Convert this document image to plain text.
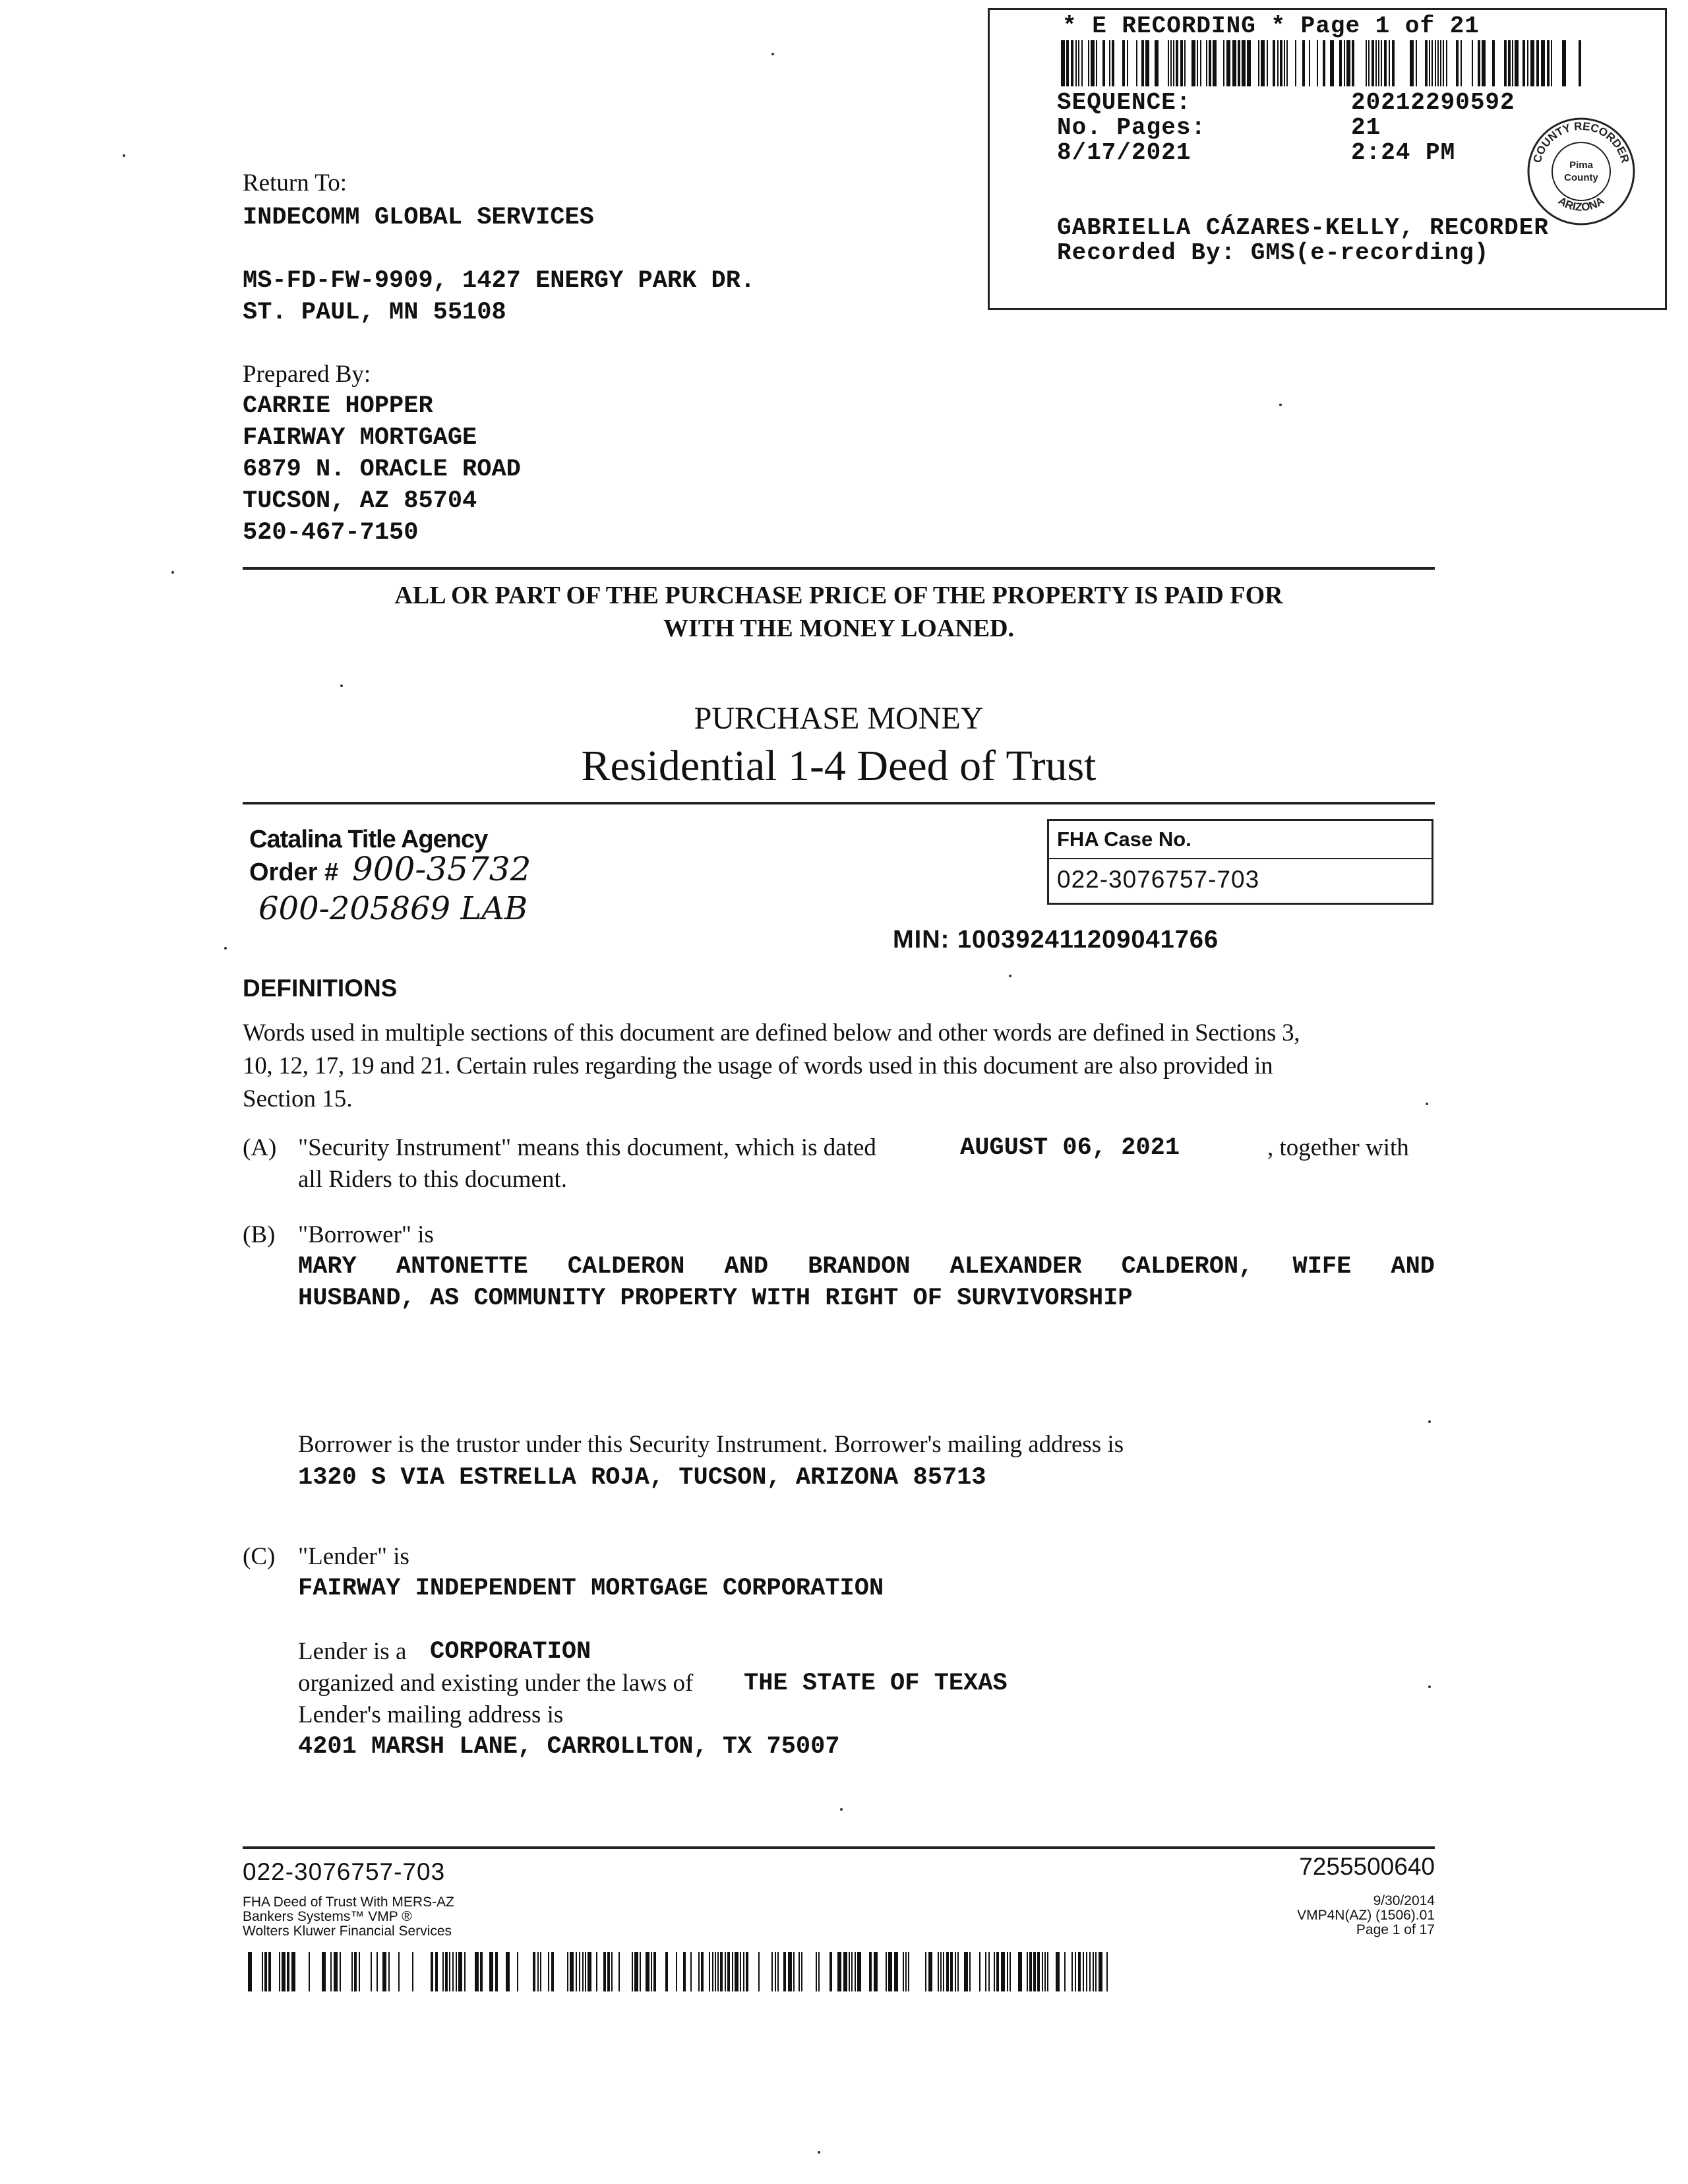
* E RECORDING * Page 1 of 21
SEQUENCE:	20212290592
No. Pages:	21
8/17/2021	2:24 PM
GABRIELLA CÁZARES-KELLY, RECORDER
Recorded By: GMS(e-recording)
COUNTY RECORDER
ARIZONA
Pima
County
Return To:
INDECOMM GLOBAL SERVICES
MS-FD-FW-9909, 1427 ENERGY PARK DR.
ST. PAUL, MN 55108
Prepared By:
CARRIE HOPPER
FAIRWAY MORTGAGE
6879 N. ORACLE ROAD
TUCSON, AZ 85704
520-467-7150
ALL OR PART OF THE PURCHASE PRICE OF THE PROPERTY IS PAID FOR
WITH THE MONEY LOANED.
PURCHASE MONEY
Residential 1-4 Deed of Trust
Catalina Title Agency
Order # 900-35732
600-205869 LAB
FHA Case No.
022-3076757-703
MIN: 100392411209041766
DEFINITIONS
Words used in multiple sections of this document are defined below and other words are defined in Sections 3,
10, 12, 17, 19 and 21. Certain rules regarding the usage of words used in this document are also provided in
Section 15.
(A) "Security Instrument" means this document, which is dated	AUGUST 06, 2021	, together with
all Riders to this document.
(B) "Borrower" is
MARY ANTONETTE CALDERON AND BRANDON ALEXANDER CALDERON, WIFE AND
HUSBAND, AS COMMUNITY PROPERTY WITH RIGHT OF SURVIVORSHIP
Borrower is the trustor under this Security Instrument. Borrower's mailing address is
1320 S VIA ESTRELLA ROJA, TUCSON, ARIZONA 85713
(C) "Lender" is
FAIRWAY INDEPENDENT MORTGAGE CORPORATION
Lender is a CORPORATION
organized and existing under the laws of THE STATE OF TEXAS
Lender's mailing address is
4201 MARSH LANE, CARROLLTON, TX 75007
022-3076757-703	7255500640
FHA Deed of Trust With MERS-AZ
Bankers Systems™ VMP ®
Wolters Kluwer Financial Services
9/30/2014
VMP4N(AZ) (1506).01
Page 1 of 17
